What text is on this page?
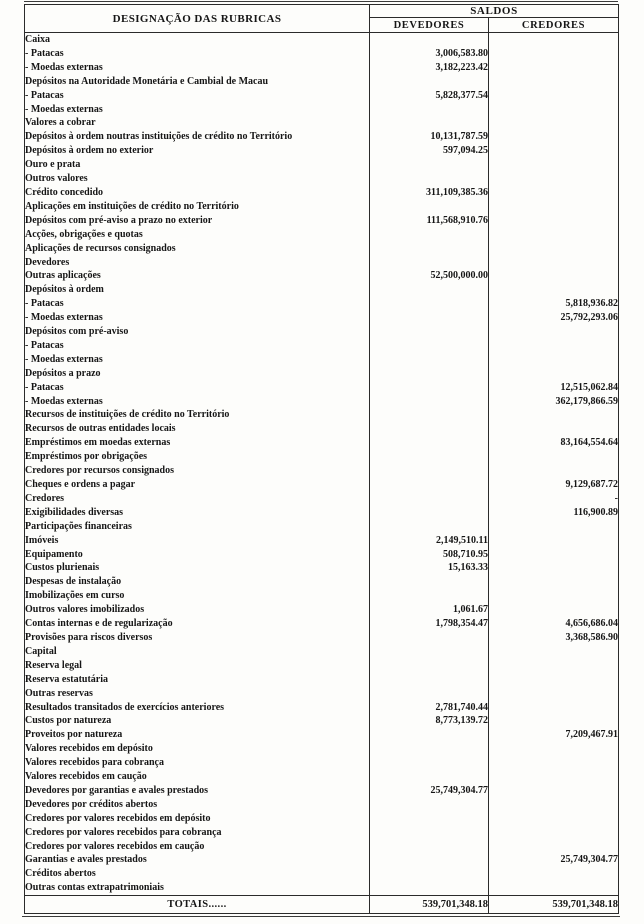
DESIGNAÇÃO DAS RUBRICAS	SALDOS	
	DEVEDORES	CREDORES
Caixa		
- Patacas	3,006,583.80	
- Moedas externas	3,182,223.42	
Depósitos na Autoridade Monetária e Cambial de Macau		
- Patacas	5,828,377.54	
- Moedas externas		
Valores a cobrar		
Depósitos à ordem noutras instituições de crédito no Território	10,131,787.59	
Depósitos à ordem no exterior	597,094.25	
Ouro e prata		
Outros valores		
Crédito concedido	311,109,385.36	
Aplicações em instituições de crédito no Território		
Depósitos com pré-aviso a prazo no exterior	111,568,910.76	
Acções, obrigações e quotas		
Aplicações de recursos consignados		
Devedores		
Outras aplicações	52,500,000.00	
Depósitos à ordem		
- Patacas		5,818,936.82
- Moedas externas		25,792,293.06
Depósitos com pré-aviso		
- Patacas		
- Moedas externas		
Depósitos a prazo		
- Patacas		12,515,062.84
- Moedas externas		362,179,866.59
Recursos de instituições de crédito no Território		
Recursos de outras entidades locais		
Empréstimos em moedas externas		83,164,554.64
Empréstimos por obrigações		
Credores por recursos consignados		
Cheques e ordens a pagar		9,129,687.72
Credores		-
Exigibilidades diversas		116,900.89
Participações financeiras		
Imóveis	2,149,510.11	
Equipamento	508,710.95	
Custos plurienais	15,163.33	
Despesas de instalação		
Imobilizações em curso		
Outros valores imobilizados	1,061.67	
Contas internas e de regularização	1,798,354.47	4,656,686.04
Provisões para riscos diversos		3,368,586.90
Capital		
Reserva legal		
Reserva estatutária		
Outras reservas		
Resultados transitados de exercícios anteriores	2,781,740.44	
Custos por natureza	8,773,139.72	
Proveitos por natureza		7,209,467.91
Valores recebidos em depósito		
Valores recebidos para cobrança		
Valores recebidos em caução		
Devedores por garantias e avales prestados	25,749,304.77	
Devedores por créditos abertos		
Credores por valores recebidos em depósito		
Credores por valores recebidos para cobrança		
Credores por valores recebidos em caução		
Garantias e avales prestados		25,749,304.77
Créditos abertos		
Outras contas extrapatrimoniais		
TOTAIS......	539,701,348.18	539,701,348.18
